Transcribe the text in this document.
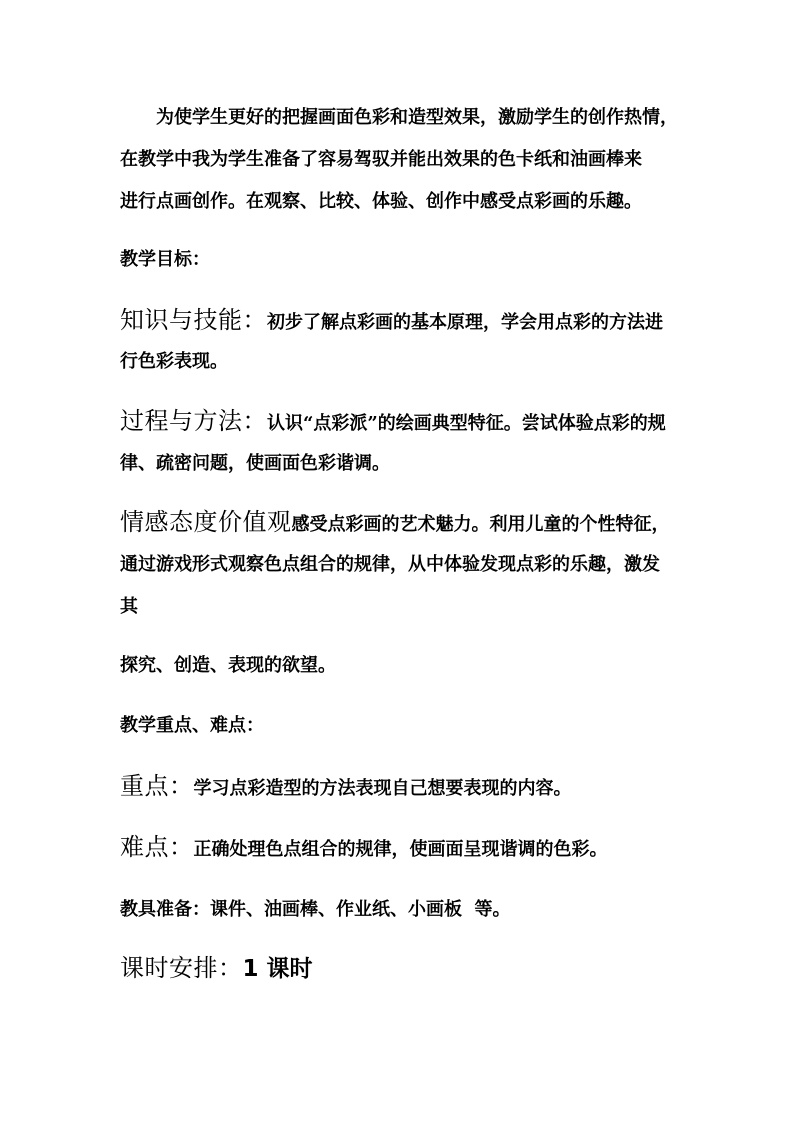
为使学生更好的把握画面色彩和造型效果，激励学生的创作热情，
在教学中我为学生准备了容易驾驭并能出效果的色卡纸和油画棒来
进行点画创作。在观察、比较、体验、创作中感受点彩画的乐趣。
教学目标：
知识与技能：初步了解点彩画的基本原理，学会用点彩的方法进
行色彩表现。
过程与方法：认识“点彩派”的绘画典型特征。尝试体验点彩的规
律、疏密问题，使画面色彩谐调。
情感态度价值观感受点彩画的艺术魅力。利用儿童的个性特征，
通过游戏形式观察色点组合的规律，从中体验发现点彩的乐趣，激发
其
探究、创造、表现的欲望。
教学重点、难点：
重点：学习点彩造型的方法表现自己想要表现的内容。
难点：正确处理色点组合的规律，使画面呈现谐调的色彩。
教具准备：课件、油画棒、作业纸、小画板  等。
课时安排：1 课时
